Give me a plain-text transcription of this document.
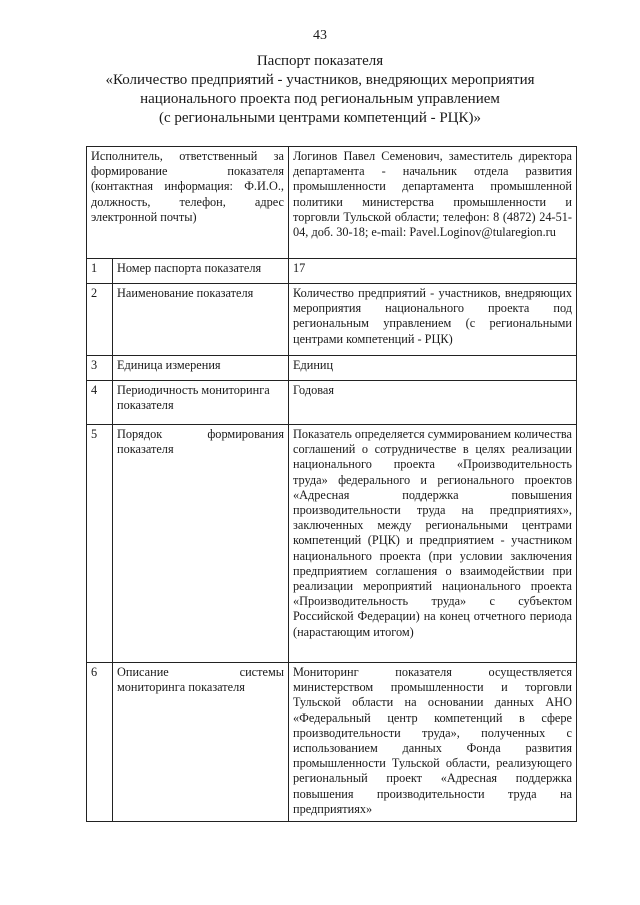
43
Паспорт показателя
«Количество предприятий - участников, внедряющих мероприятия
национального проекта под региональным управлением
(с региональными центрами компетенций - РЦК)»
Исполнитель, ответственный за формирование показателя (контактная информация: Ф.И.О., должность, телефон, адрес электронной почты)		Логинов Павел Семенович, заместитель директора департамента - начальник отдела развития промышленности департамента промышленной политики министерства промышленности и торговли Тульской области; телефон: 8 (4872) 24-51-04, доб. 30-18; e-mail: Pavel.Loginov@tularegion.ru
1	Номер паспорта показателя	17
2	Наименование показателя	Количество предприятий - участников, внедряющих мероприятия национального проекта под региональным управлением (с региональными центрами компетенций - РЦК)
3	Единица измерения	Единиц
4	Периодичность мониторинга показателя	Годовая
5	Порядок формирования показателя	Показатель определяется суммированием количества соглашений о сотрудничестве в целях реализации национального проекта «Производительность труда» федерального и регионального проектов «Адресная поддержка повышения производительности труда на предприятиях», заключенных между региональными центрами компетенций (РЦК) и предприятием - участником национального проекта (при условии заключения предприятием соглашения о взаимодействии при реализации мероприятий национального проекта «Производительность труда» с субъектом Российской Федерации) на конец отчетного периода (нарастающим итогом)
6	Описание системы мониторинга показателя	Мониторинг показателя осуществляется министерством промышленности и торговли Тульской области на основании данных АНО «Федеральный центр компетенций в сфере производительности труда», полученных с использованием данных Фонда развития промышленности Тульской области, реализующего региональный проект «Адресная поддержка повышения производительности труда на предприятиях»
